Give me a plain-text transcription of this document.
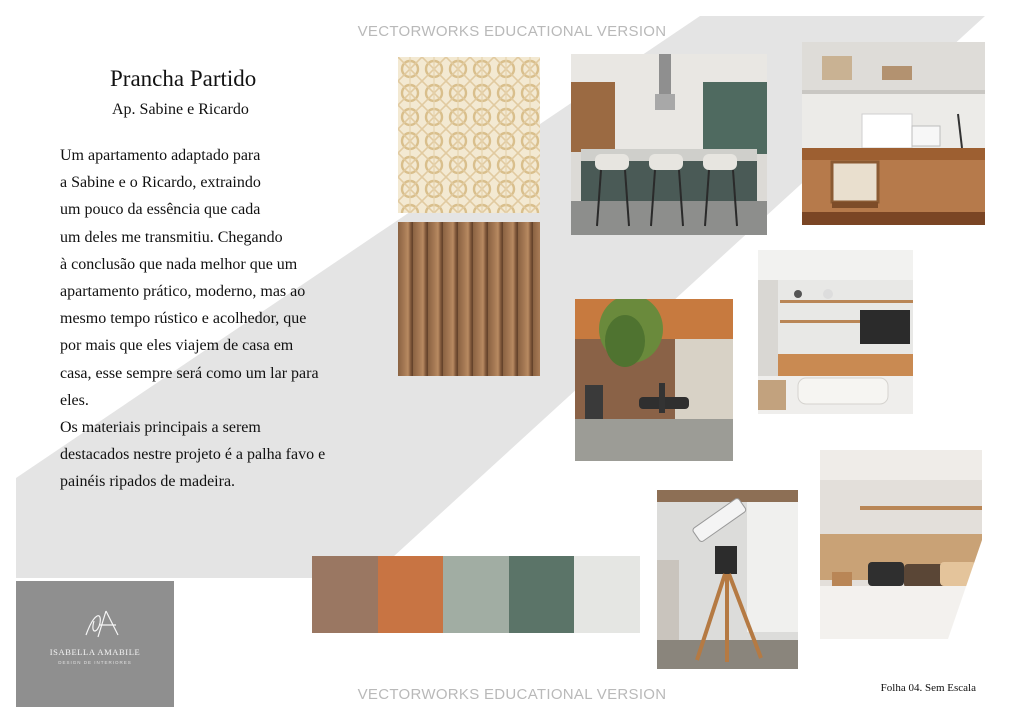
VECTORWORKS EDUCATIONAL VERSION
Prancha Partido
Ap. Sabine e Ricardo
Um apartamento adaptado para
a Sabine e o Ricardo, extraindo
um pouco da essência que cada
um deles me transmitiu. Chegando
à conclusão que nada melhor que um
apartamento prático, moderno, mas ao
mesmo tempo rústico e acolhedor, que
por mais que eles viajem de casa em
casa, esse sempre será como um lar para
eles.
Os materiais principais a serem
destacados nestre projeto é a palha favo e
painéis ripados de madeira.
ISABELLA AMABILE
DESIGN DE INTERIORES
VECTORWORKS EDUCATIONAL VERSION	Folha 04. Sem Escala
